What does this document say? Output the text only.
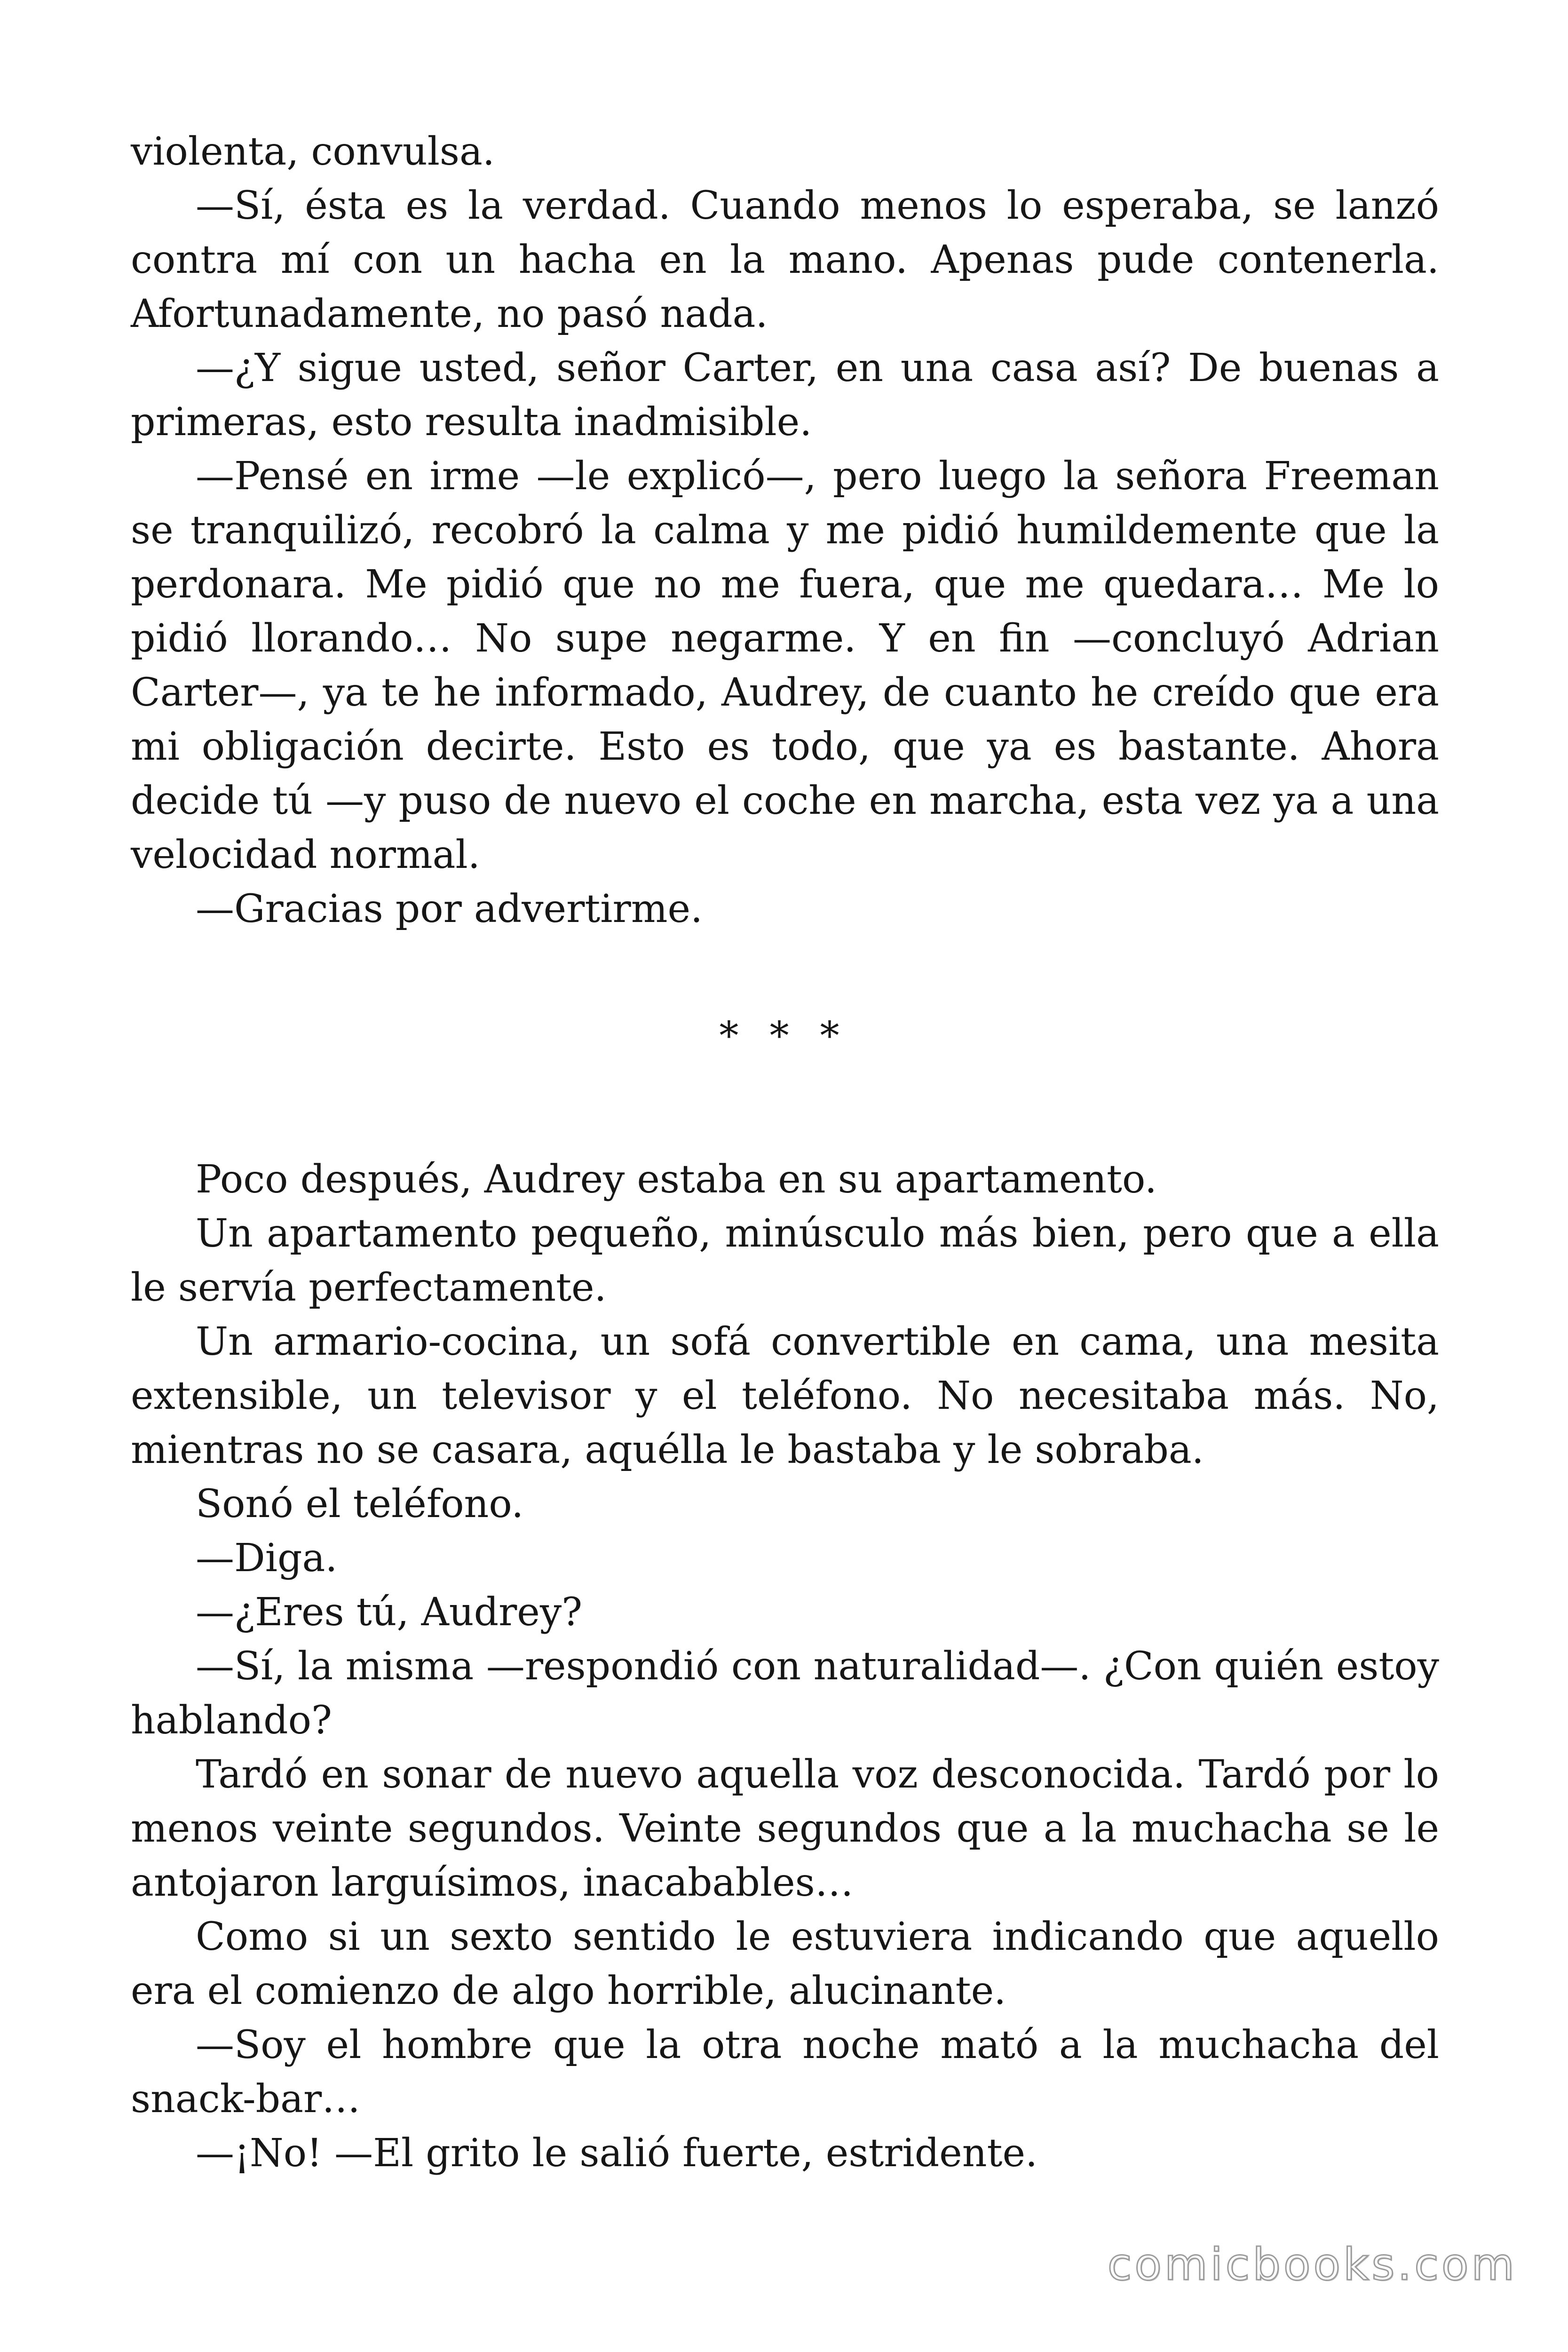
violenta, convulsa.

—Sí, ésta es la verdad. Cuando menos lo esperaba, se lanzó contra mí con un hacha en la mano. Apenas pude contenerla. Afortunadamente, no pasó nada.

—¿Y sigue usted, señor Carter, en una casa así? De buenas a primeras, esto resulta inadmisible.

—Pensé en irme —le explicó—, pero luego la señora Freeman se tranquilizó, recobró la calma y me pidió humildemente que la perdonara. Me pidió que no me fuera, que me quedara… Me lo pidió llorando… No supe negarme. Y en fin —concluyó Adrian Carter—, ya te he informado, Audrey, de cuanto he creído que era mi obligación decirte. Esto es todo, que ya es bastante. Ahora decide tú —y puso de nuevo el coche en marcha, esta vez ya a una velocidad normal.

—Gracias por advertirme.

* * *

Poco después, Audrey estaba en su apartamento.

Un apartamento pequeño, minúsculo más bien, pero que a ella le servía perfectamente.

Un armario-cocina, un sofá convertible en cama, una mesita extensible, un televisor y el teléfono. No necesitaba más. No, mientras no se casara, aquélla le bastaba y le sobraba.

Sonó el teléfono.

—Diga.

—¿Eres tú, Audrey?

—Sí, la misma —respondió con naturalidad—. ¿Con quién estoy hablando?

Tardó en sonar de nuevo aquella voz desconocida. Tardó por lo menos veinte segundos. Veinte segundos que a la muchacha se le antojaron larguísimos, inacabables…

Como si un sexto sentido le estuviera indicando que aquello era el comienzo de algo horrible, alucinante.

—Soy el hombre que la otra noche mató a la muchacha del snack-bar…

—¡No! —El grito le salió fuerte, estridente.

comicbooks.com
